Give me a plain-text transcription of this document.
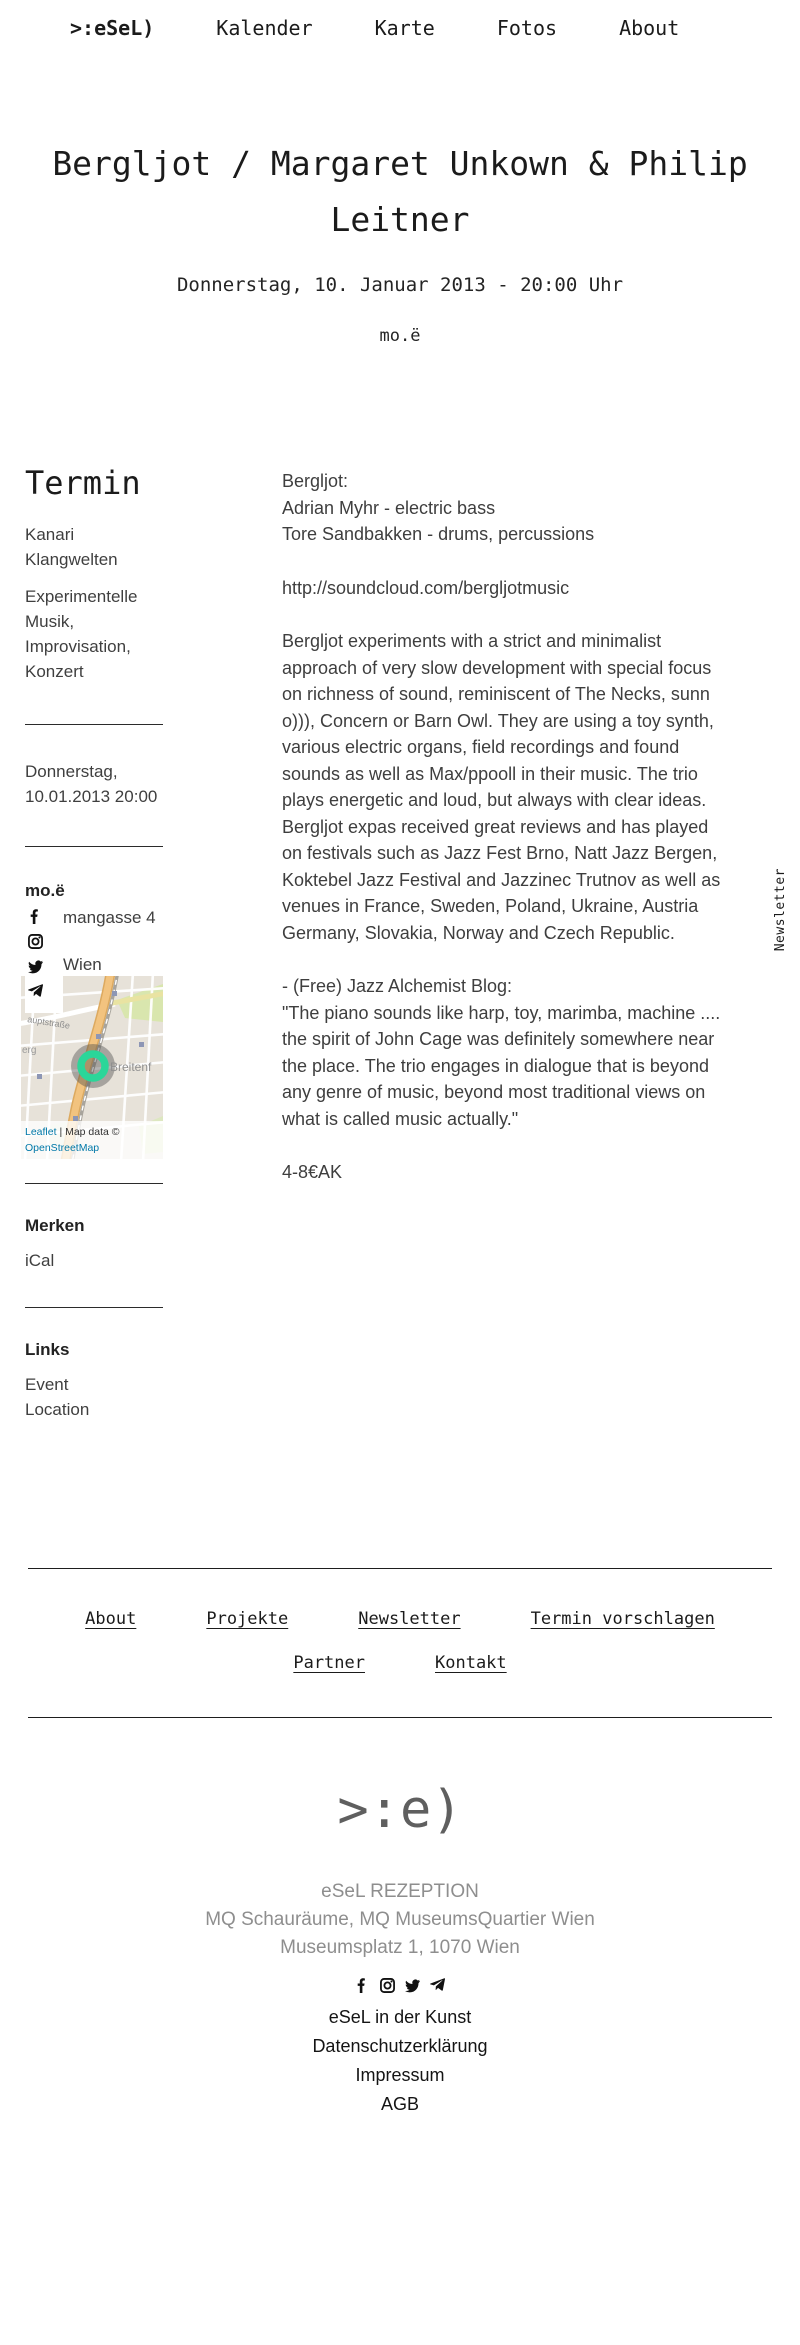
>:eSeL)	Kalender	Karte	Fotos	About
Bergljot / Margaret Unkown & Philip
Leitner
Donnerstag, 10. Januar 2013 - 20:00 Uhr
mo.ë
Termin
Kanari Klangwelten
Experimentelle Musik, Improvisation, Konzert
Donnerstag,
10.01.2013 20:00
mo.ë
mangasse 4
Wien
auptstraße
erg
Breitenf
Leaflet | Map data ©
OpenStreetMap
Merken
iCal
Links
Event
Location
Bergljot:
Adrian Myhr - electric bass
Tore Sandbakken - drums, percussions
http://soundcloud.com/bergljotmusic
Bergljot experiments with a strict and minimalist approach of very slow development with special focus on richness of sound, reminiscent of The Necks, sunn o))), Concern or Barn Owl. They are using a toy synth, various electric organs, field recordings and found sounds as well as Max/ppooll in their music. The trio plays energetic and loud, but always with clear ideas.
Bergljot expas received great reviews and has played on festivals such as Jazz Fest Brno, Natt Jazz Bergen, Koktebel Jazz Festival and Jazzinec Trutnov as well as venues in France, Sweden, Poland, Ukraine, Austria Germany, Slovakia, Norway and Czech Republic.
- (Free) Jazz Alchemist Blog:
"The piano sounds like harp, toy, marimba, machine .... the spirit of John Cage was definitely somewhere near the place. The trio engages in dialogue that is beyond any genre of music, beyond most traditional views on what is called music actually."
4-8€AK
Newsletter
About	Projekte	Newsletter	Termin vorschlagen
Partner	Kontakt
>:e)
eSeL REZEPTION
MQ Schauräume, MQ MuseumsQuartier Wien
Museumsplatz 1, 1070 Wien
eSeL in der Kunst
Datenschutzerklärung
Impressum
AGB
